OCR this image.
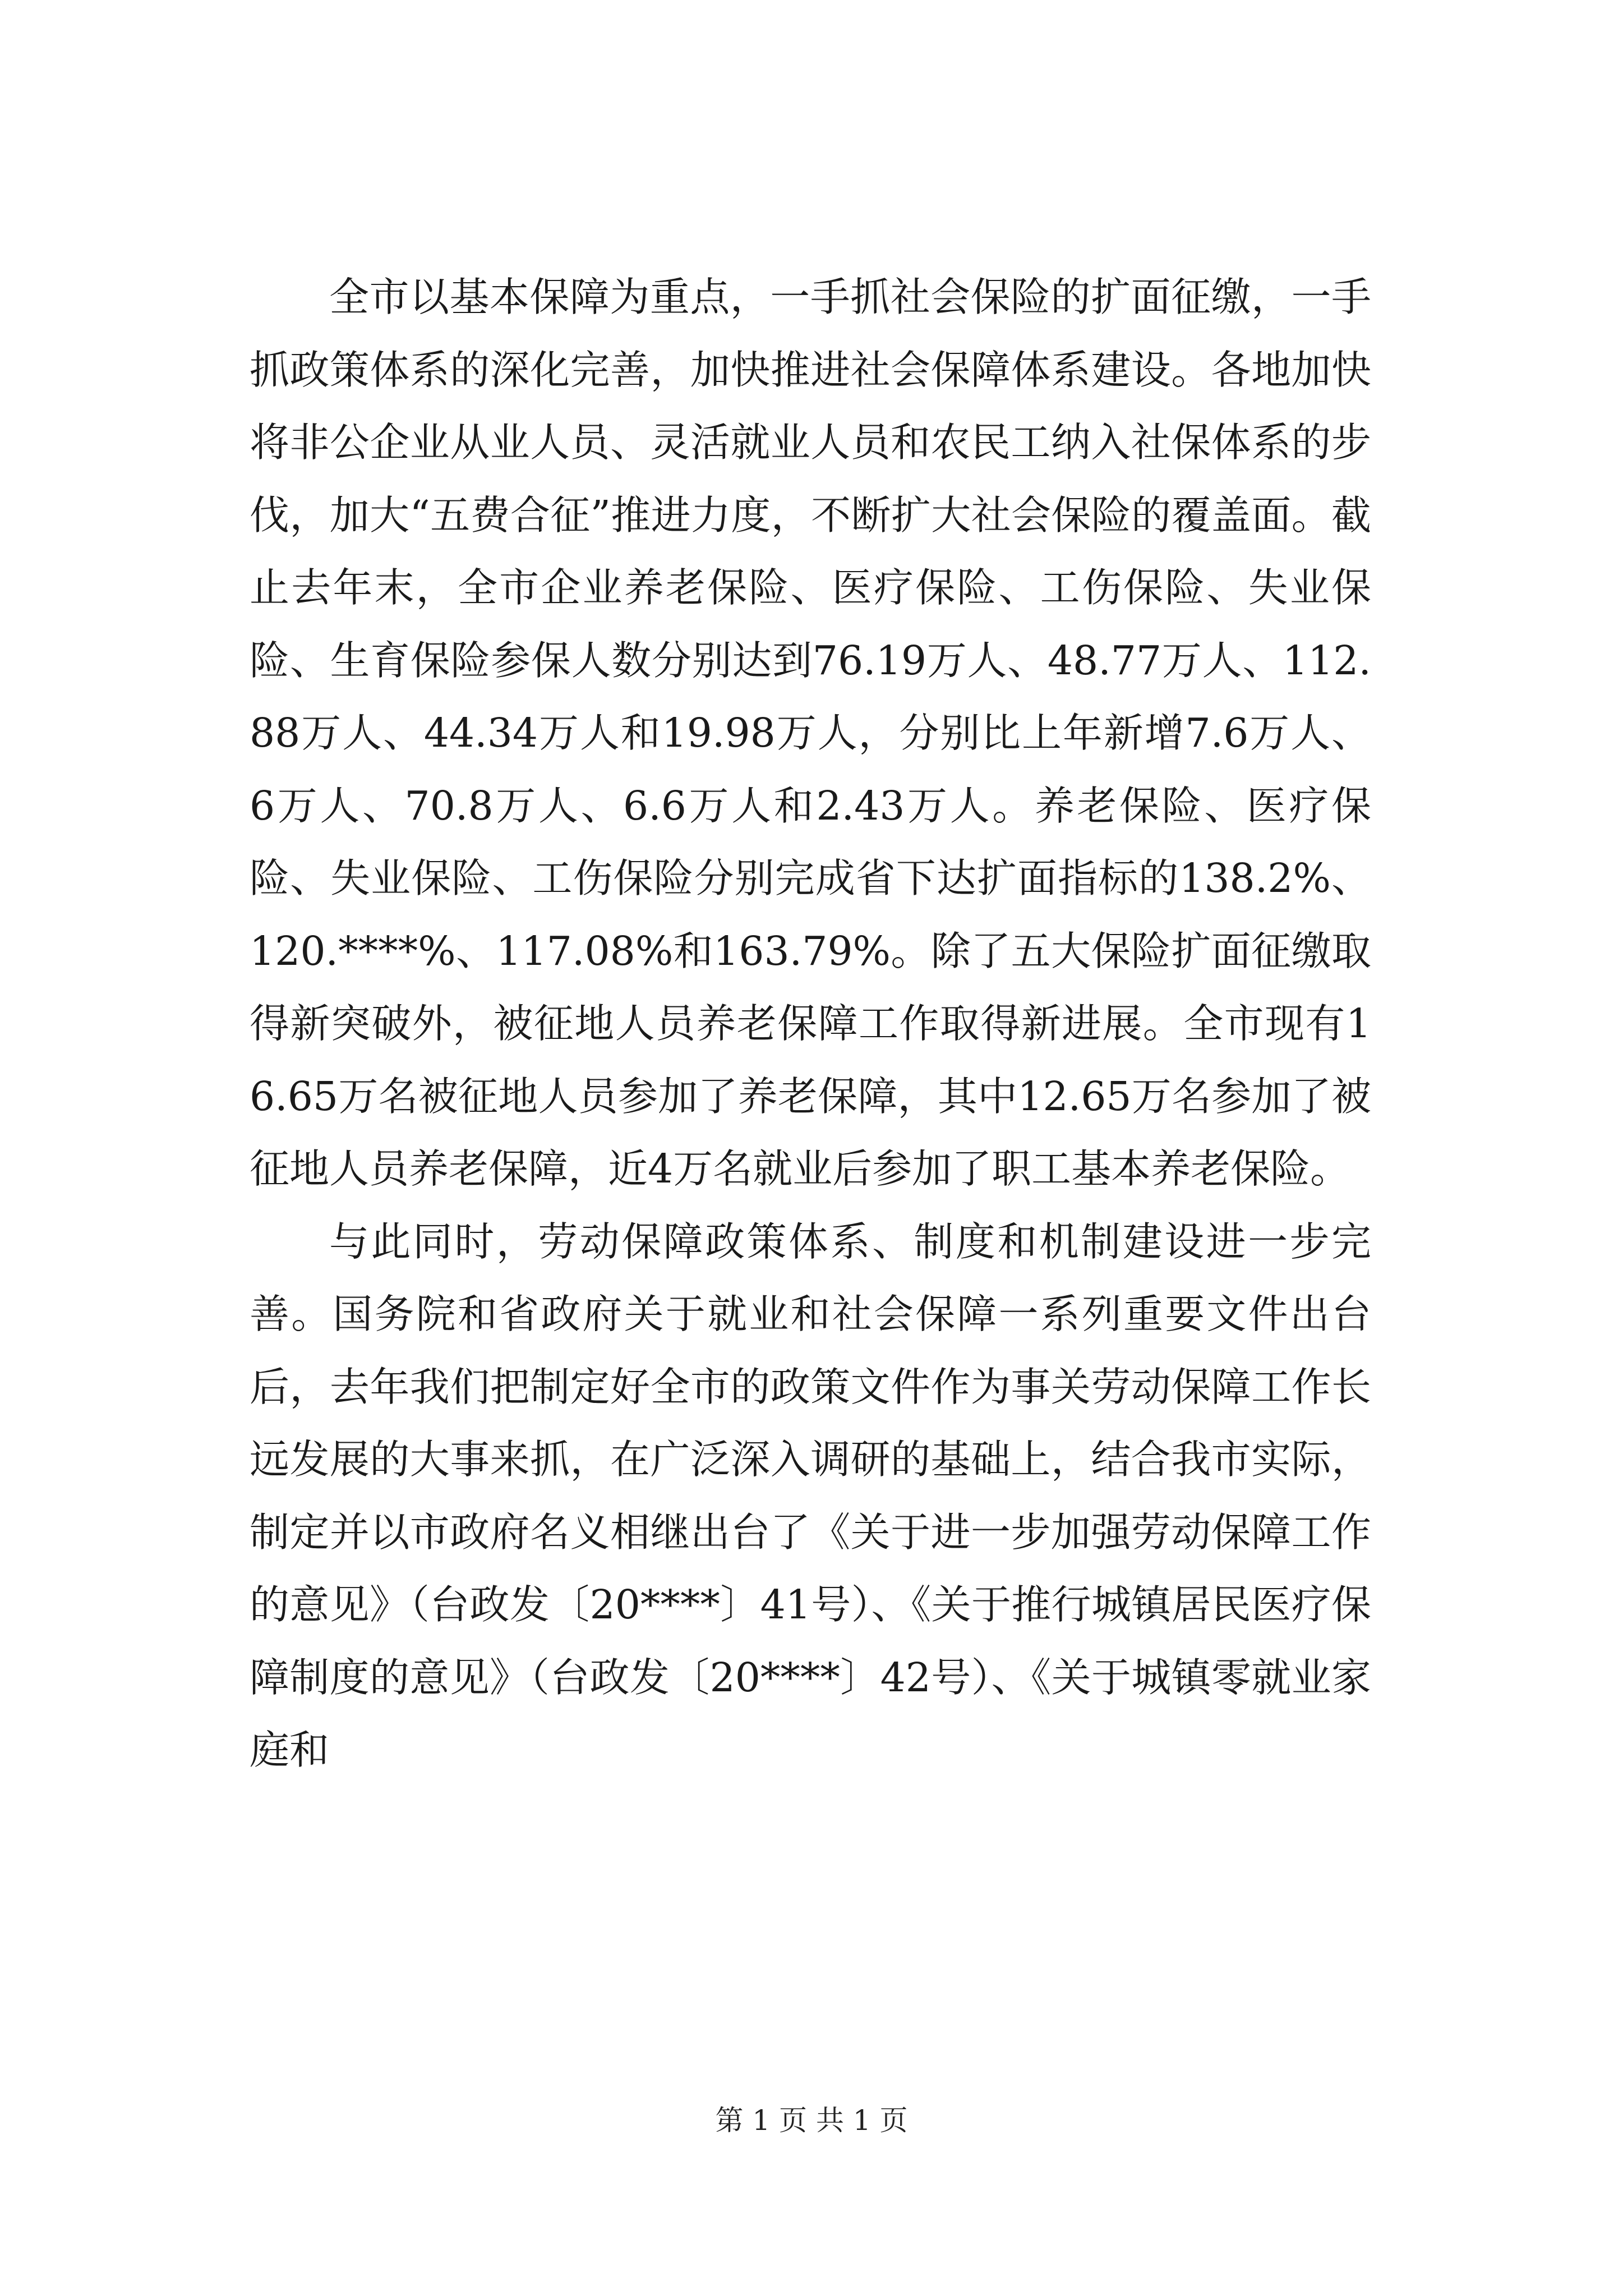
全市以基本保障为重点，一手抓社会保险的扩面征缴，一手抓政策体系的深化完善，加快推进社会保障体系建设。各地加快将非公企业从业人员、灵活就业人员和农民工纳入社保体系的步伐，加大“五费合征”推进力度，不断扩大社会保险的覆盖面。截止去年末，全市企业养老保险、医疗保险、工伤保险、失业保险、生育保险参保人数分别达到76.19万人、48.77万人、112.88万人、44.34万人和19.98万人，分别比上年新增7.6万人、6万人、70.8万人、6.6万人和2.43万人。养老保险、医疗保险、失业保险、工伤保险分别完成省下达扩面指标的138.2%、120.****%、117.08%和163.79%。除了五大保险扩面征缴取得新突破外，被征地人员养老保障工作取得新进展。全市现有16.65万名被征地人员参加了养老保障，其中12.65万名参加了被征地人员养老保障，近4万名就业后参加了职工基本养老保险。

与此同时，劳动保障政策体系、制度和机制建设进一步完善。国务院和省政府关于就业和社会保障一系列重要文件出台后，去年我们把制定好全市的政策文件作为事关劳动保障工作长远发展的大事来抓，在广泛深入调研的基础上，结合我市实际，制定并以市政府名义相继出台了《关于进一步加强劳动保障工作的意见》（台政发〔20****〕41号）、《关于推行城镇居民医疗保障制度的意见》（台政发〔20****〕42号）、《关于城镇零就业家庭和

第 1 页 共 1 页
